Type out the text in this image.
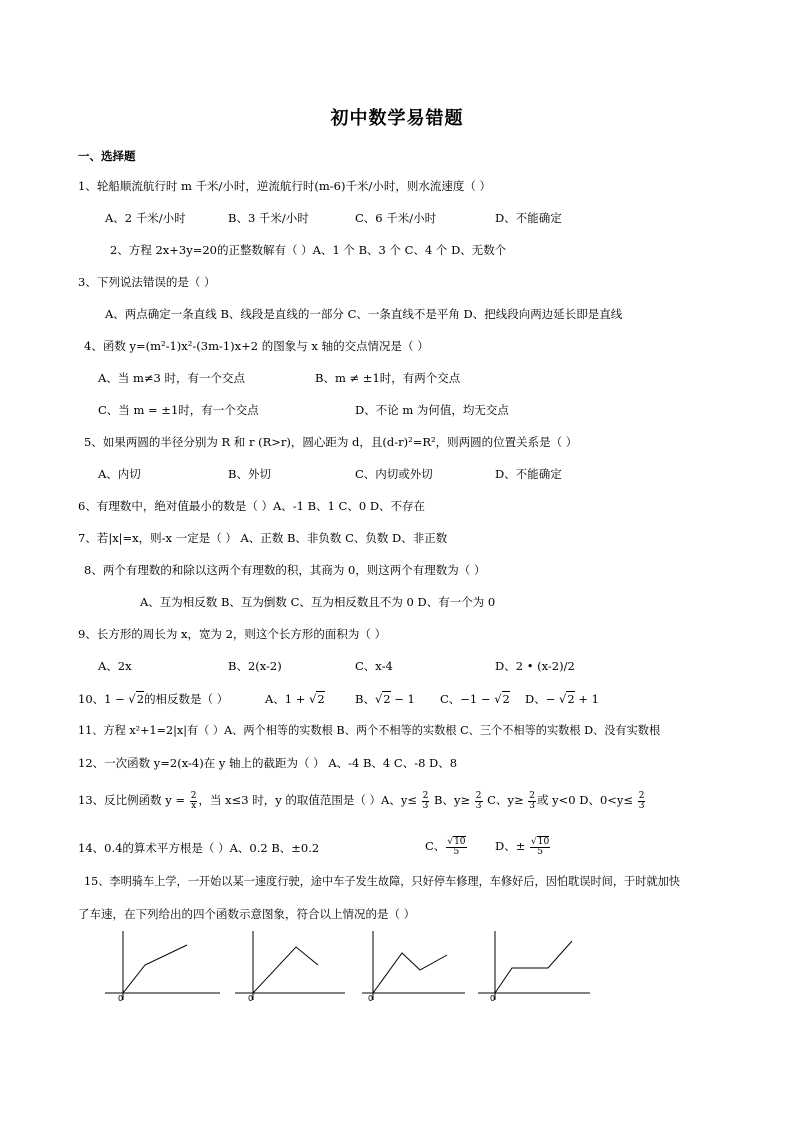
初中数学易错题
一、选择题
1、轮船顺流航行时 m 千米/小时，逆流航行时(m-6)千米/小时，则水流速度（ ）
A、2 千米/小时	B、3 千米/小时	C、6 千米/小时	D、不能确定
2、方程 2x+3y=20的正整数解有（ ）A、1 个 B、3 个 C、4 个 D、无数个
3、下列说法错误的是（ ）
A、两点确定一条直线 B、线段是直线的一部分 C、一条直线不是平角 D、把线段向两边延长即是直线
4、函数 y=(m²-1)x²-(3m-1)x+2 的图象与 x 轴的交点情况是（ ）
A、当 m≠3 时，有一个交点	B、m ≠ ±1时，有两个交点
C、当 m = ±1时，有一个交点	D、不论 m 为何值，均无交点
5、如果两圆的半径分别为 R 和 r (R>r)，圆心距为 d，且(d-r)²=R²，则两圆的位置关系是（ ）
A、内切	B、外切	C、内切或外切	D、不能确定
6、有理数中，绝对值最小的数是（ ）A、-1 B、1 C、0 D、不存在
7、若|x|=x，则-x 一定是（ ） A、正数 B、非负数 C、负数 D、非正数
8、两个有理数的和除以这两个有理数的积，其商为 0，则这两个有理数为（ ）
A、互为相反数 B、互为倒数 C、互为相反数且不为 0 D、有一个为 0
9、长方形的周长为 x，宽为 2，则这个长方形的面积为（ ）
A、2x	B、2(x-2)	C、x-4	D、2 • (x-2)/2
10、1 − √2的相反数是（ ）	A、1 + √2	B、√2 − 1 C、−1 − √2 D、− √2 + 1
11、方程 x²+1=2|x|有（ ）A、两个相等的实数根 B、两个不相等的实数根 C、三个不相等的实数根 D、没有实数根
12、一次函数 y=2(x-4)在 y 轴上的截距为（ ） A、-4 B、4 C、-8 D、8
13、反比例函数 $y = \frac{2}{x}$ ，当 x≤3 时，y 的取值范围是（ ）A、$y\le \frac{2}{3}$ B、$y\ge \frac{2}{3}$ C、$y\ge \frac{2}{3}$ 或 y<0 D、$0<y\le \frac{2}{3}$
14、0.4的算术平方根是（ ）A、0.2 B、±0.2	C、 $\frac{√10}{5}$ D、± $\frac{√10}{5}$
15、李明骑车上学，一开始以某一速度行驶，途中车子发生故障，只好停车修理，车修好后，因怕耽误时间，于时就加快
了车速，在下列给出的四个函数示意图象，符合以上情况的是（ ）
0	0	0	0
